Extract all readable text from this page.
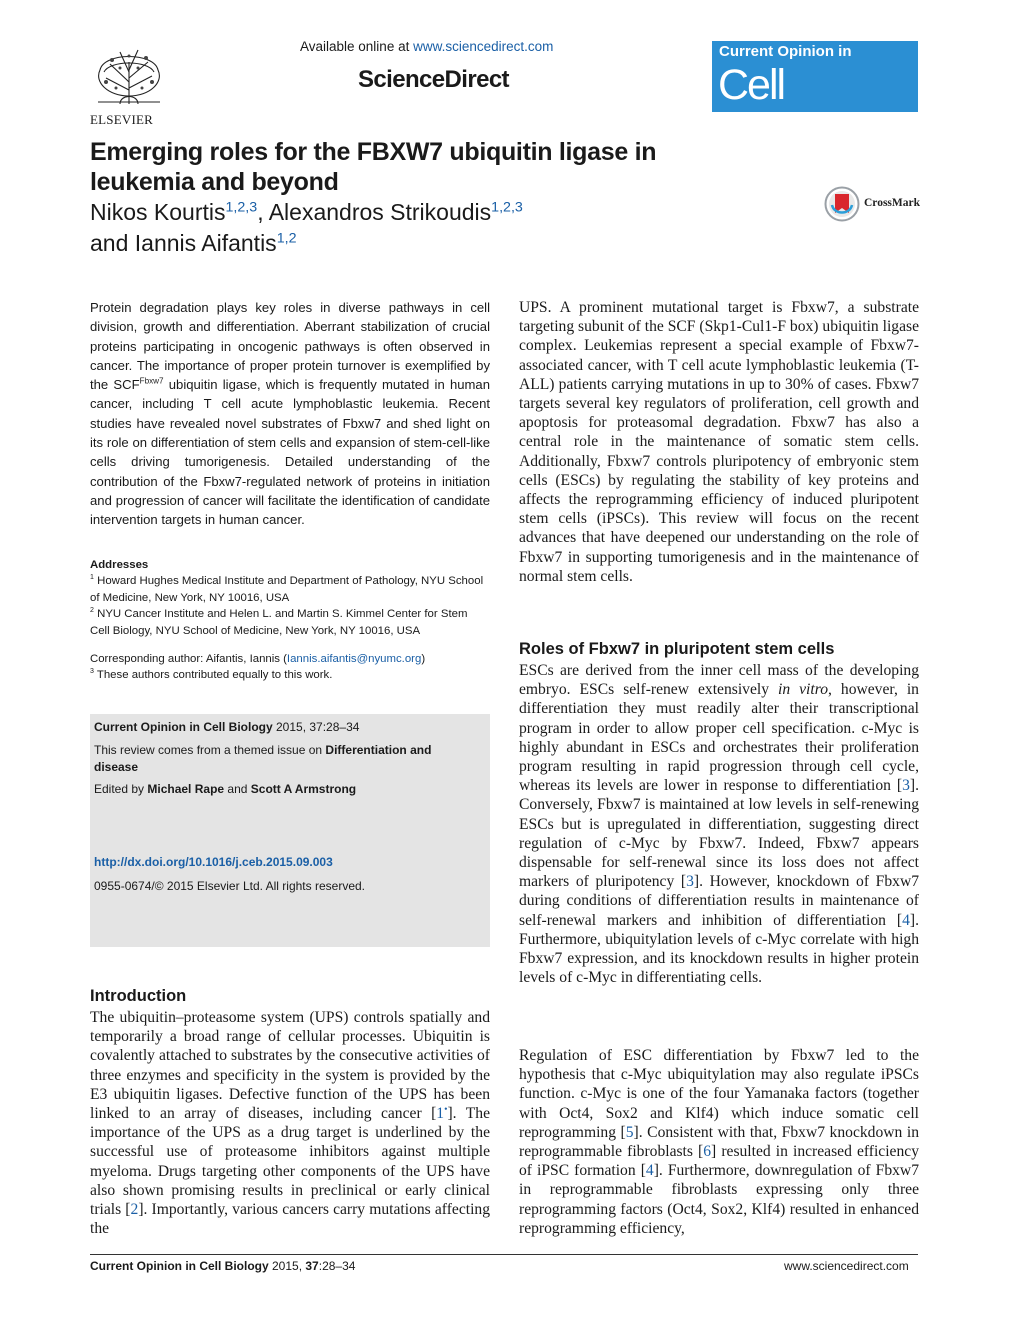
ELSEVIER
Available online at www.sciencedirect.com
ScienceDirect
Current Opinion in
Cell Biology
Emerging roles for the FBXW7 ubiquitin ligase in leukemia and beyond
Nikos Kourtis$^{1,2,3}$, Alexandros Strikoudis$^{1,2,3}$
and Iannis Aifantis$^{1,2}$
CrossMark
Protein degradation plays key roles in diverse pathways in cell division, growth and differentiation. Aberrant stabilization of crucial proteins participating in oncogenic pathways is often observed in cancer. The importance of proper protein turnover is exemplified by the $SCF^{Fbxw7}$ ubiquitin ligase, which is frequently mutated in human cancer, including T cell acute lymphoblastic leukemia. Recent studies have revealed novel substrates of Fbxw7 and shed light on its role on differentiation of stem cells and expansion of stem-cell-like cells driving tumorigenesis. Detailed understanding of the contribution of the Fbxw7-regulated network of proteins in initiation and progression of cancer will facilitate the identification of candidate intervention targets in human cancer.
Addresses
$^1$ Howard Hughes Medical Institute and Department of Pathology, NYU School of Medicine, New York, NY 10016, USA
$^2$ NYU Cancer Institute and Helen L. and Martin S. Kimmel Center for Stem Cell Biology, NYU School of Medicine, New York, NY 10016, USA
Corresponding author: Aifantis, Iannis (Iannis.aifantis@nyumc.org)
$^3$ These authors contributed equally to this work.
Current Opinion in Cell Biology 2015, 37:28–34
This review comes from a themed issue on Differentiation and disease
Edited by Michael Rape and Scott A Armstrong
http://dx.doi.org/10.1016/j.ceb.2015.09.003
0955-0674/© 2015 Elsevier Ltd. All rights reserved.
Introduction
The ubiquitin–proteasome system (UPS) controls spatially and temporarily a broad range of cellular processes. Ubiquitin is covalently attached to substrates by the consecutive activities of three enzymes and specificity in the system is provided by the E3 ubiquitin ligases. Defective function of the UPS has been linked to an array of diseases, including cancer [1•]. The importance of the UPS as a drug target is underlined by the successful use of proteasome inhibitors against multiple myeloma. Drugs targeting other components of the UPS have also shown promising results in preclinical or early clinical trials [2]. Importantly, various cancers carry mutations affecting the
UPS. A prominent mutational target is Fbxw7, a substrate targeting subunit of the SCF (Skp1-Cul1-F box) ubiquitin ligase complex. Leukemias represent a special example of Fbxw7-associated cancer, with T cell acute lymphoblastic leukemia (T-ALL) patients carrying mutations in up to 30% of cases. Fbxw7 targets several key regulators of proliferation, cell growth and apoptosis for proteasomal degradation. Fbxw7 has also a central role in the maintenance of somatic stem cells. Additionally, Fbxw7 controls pluripotency of embryonic stem cells (ESCs) by regulating the stability of key proteins and affects the reprogramming efficiency of induced pluripotent stem cells (iPSCs). This review will focus on the recent advances that have deepened our understanding on the role of Fbxw7 in supporting tumorigenesis and in the maintenance of normal stem cells.
Roles of Fbxw7 in pluripotent stem cells
ESCs are derived from the inner cell mass of the developing embryo. ESCs self-renew extensively in vitro, however, in differentiation they must readily alter their transcriptional program in order to allow proper cell specification. c-Myc is highly abundant in ESCs and orchestrates their proliferation program resulting in rapid progression through cell cycle, whereas its levels are lower in response to differentiation [3]. Conversely, Fbxw7 is maintained at low levels in self-renewing ESCs but is upregulated in differentiation, suggesting direct regulation of c-Myc by Fbxw7. Indeed, Fbxw7 appears dispensable for self-renewal since its loss does not affect markers of pluripotency [3]. However, knockdown of Fbxw7 during conditions of differentiation results in maintenance of self-renewal markers and inhibition of differentiation [4]. Furthermore, ubiquitylation levels of c-Myc correlate with high Fbxw7 expression, and its knockdown results in higher protein levels of c-Myc in differentiating cells.
Regulation of ESC differentiation by Fbxw7 led to the hypothesis that c-Myc ubiquitylation may also regulate iPSCs function. c-Myc is one of the four Yamanaka factors (together with Oct4, Sox2 and Klf4) which induce somatic cell reprogramming [5]. Consistent with that, Fbxw7 knockdown in reprogrammable fibroblasts [6] resulted in increased efficiency of iPSC formation [4]. Furthermore, downregulation of Fbxw7 in reprogrammable fibroblasts expressing only three reprogramming factors (Oct4, Sox2, Klf4) resulted in enhanced reprogramming efficiency,
Current Opinion in Cell Biology 2015, 37:28–34	www.sciencedirect.com
